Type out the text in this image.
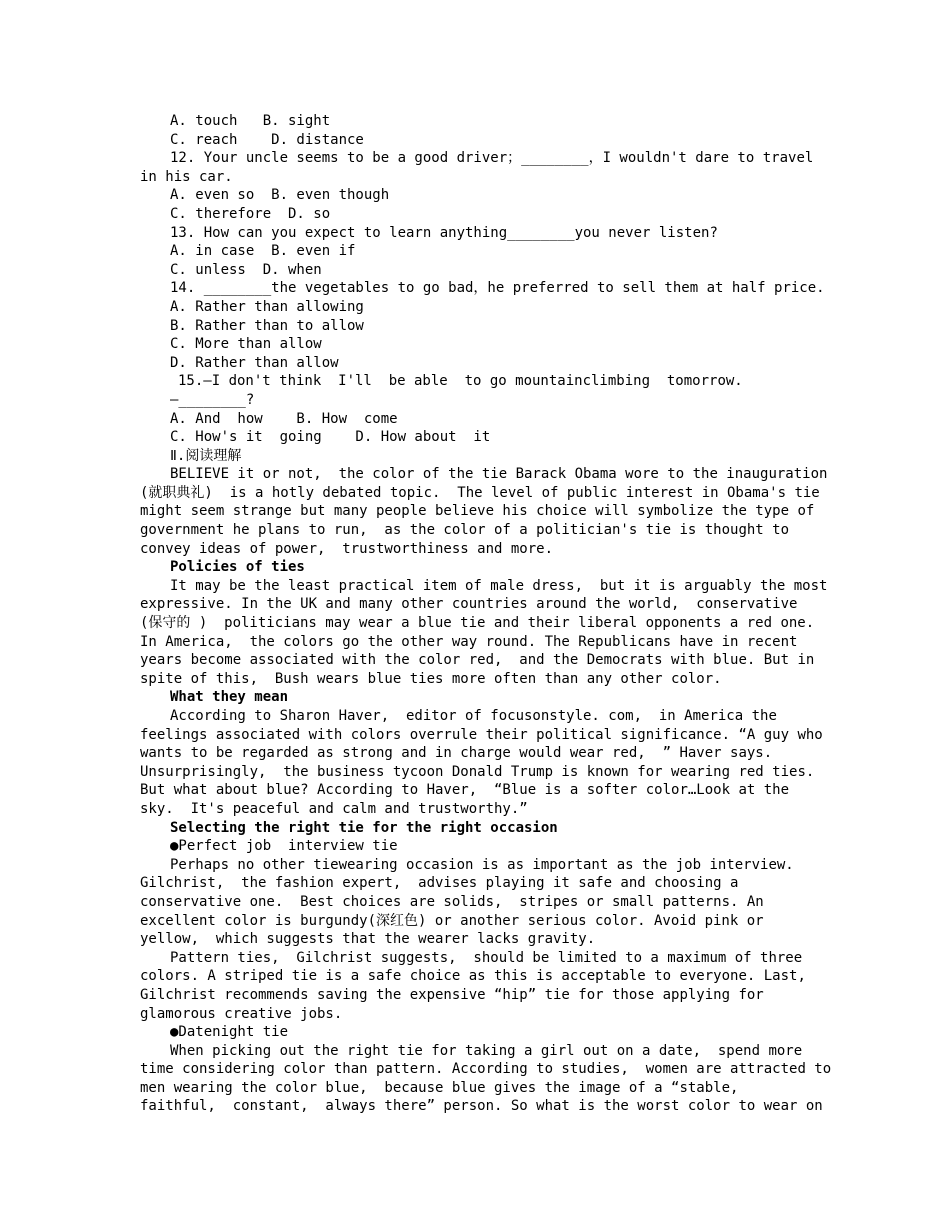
A. touch   B. sight
C. reach    D. distance
12. Your uncle seems to be a good driver；________，I wouldn't dare to travel
in his car.
A. even so  B. even though
C. therefore  D. so
13. How can you expect to learn anything________you never listen?
A. in case  B. even if
C. unless  D. when
14. ________the vegetables to go bad，he preferred to sell them at half price.
A. Rather than allowing
B. Rather than to allow
C. More than allow
D. Rather than allow
15.—I don't think  I'll  be able  to go mountainclimbing  tomorrow.
—________?
A. And  how    B. How  come
C. How's it  going    D. How about  it
Ⅱ.阅读理解
BELIEVE it or not,  the color of the tie Barack Obama wore to the inauguration
(就职典礼)  is a hotly debated topic.  The level of public interest in Obama's tie
might seem strange but many people believe his choice will symbolize the type of
government he plans to run,  as the color of a politician's tie is thought to
convey ideas of power,  trustworthiness and more.
Policies of ties
It may be the least practical item of male dress,  but it is arguably the most
expressive. In the UK and many other countries around the world,  conservative
(保守的 )  politicians may wear a blue tie and their liberal opponents a red one.
In America,  the colors go the other way round. The Republicans have in recent
years become associated with the color red,  and the Democrats with blue. But in
spite of this,  Bush wears blue ties more often than any other color.
What they mean
According to Sharon Haver,  editor of focusonstyle. com,  in America the
feelings associated with colors overrule their political significance. “A guy who
wants to be regarded as strong and in charge would wear red,  ” Haver says.
Unsurprisingly,  the business tycoon Donald Trump is known for wearing red ties.
But what about blue? According to Haver,  “Blue is a softer color…Look at the
sky.  It's peaceful and calm and trustworthy.”
Selecting the right tie for the right occasion
●Perfect job  interview tie
Perhaps no other tiewearing occasion is as important as the job interview.
Gilchrist,  the fashion expert,  advises playing it safe and choosing a
conservative one.  Best choices are solids,  stripes or small patterns. An
excellent color is burgundy(深红色) or another serious color. Avoid pink or
yellow,  which suggests that the wearer lacks gravity.
Pattern ties,  Gilchrist suggests,  should be limited to a maximum of three
colors. A striped tie is a safe choice as this is acceptable to everyone. Last,
Gilchrist recommends saving the expensive “hip” tie for those applying for
glamorous creative jobs.
●Datenight tie
When picking out the right tie for taking a girl out on a date,  spend more
time considering color than pattern. According to studies,  women are attracted to
men wearing the color blue,  because blue gives the image of a “stable,
faithful,  constant,  always there” person. So what is the worst color to wear on
